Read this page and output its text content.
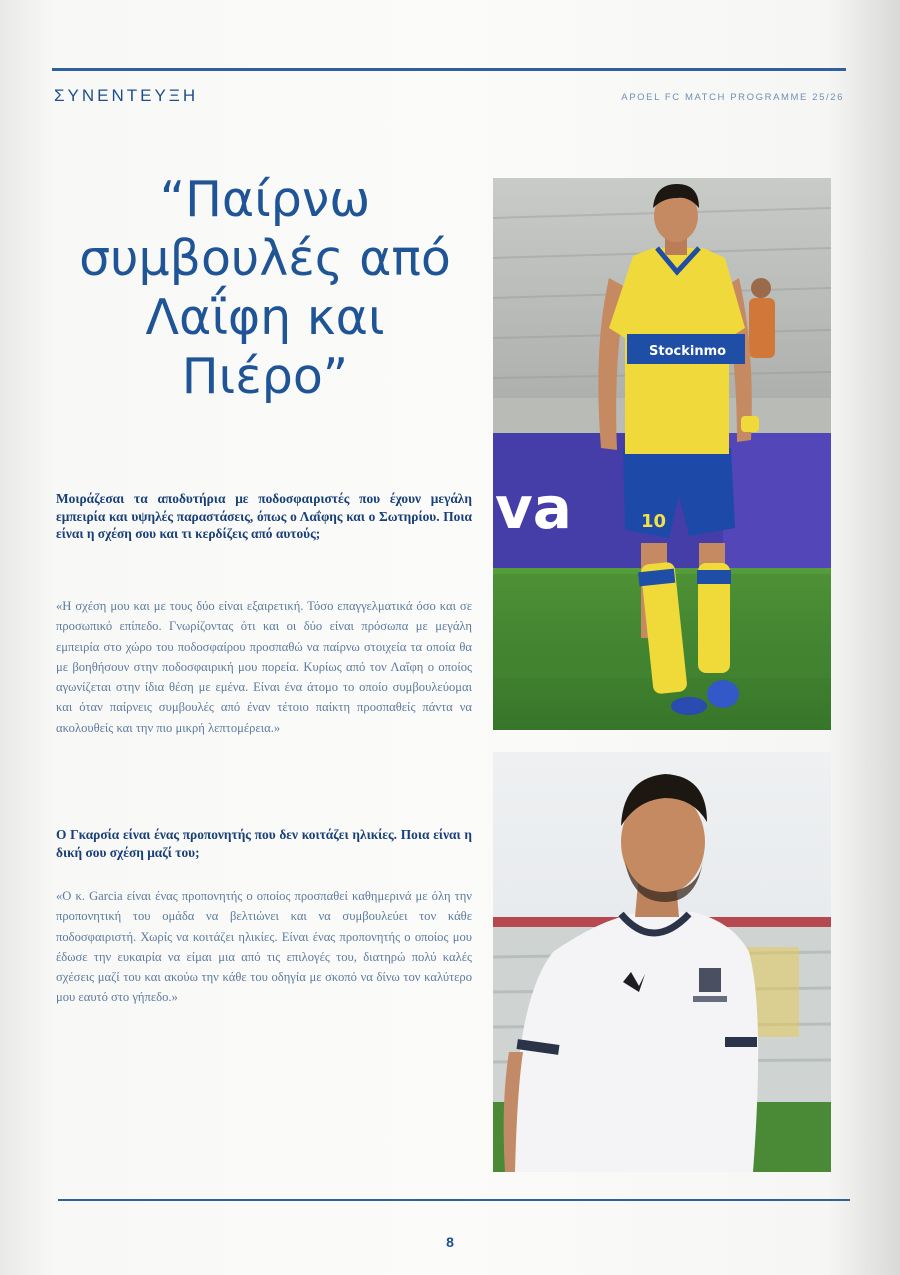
ΣΥΝΕΝΤΕΥΞΗ	APOEL FC MATCH PROGRAMME 25/26
“Παίρνω συμβουλές από Λαΐφη και Πιέρο”

Μοιράζεσαι τα αποδυτήρια με ποδοσφαιριστές που έχουν μεγάλη εμπειρία και υψηλές παραστάσεις, όπως ο Λαΐφης και ο Σωτηρίου. Ποια είναι η σχέση σου και τι κερδίζεις από αυτούς;

«Η σχέση μου και με τους δύο είναι εξαιρετική. Τόσο επαγγελματικά όσο και σε προσωπικό επίπεδο. Γνωρίζοντας ότι και οι δύο είναι πρόσωπα με μεγάλη εμπειρία στο χώρο του ποδοσφαίρου προσπαθώ να παίρνω στοιχεία τα οποία θα με βοηθήσουν στην ποδοσφαιρική μου πορεία. Κυρίως από τον Λαΐφη ο οποίος αγωνίζεται στην ίδια θέση με εμένα. Είναι ένα άτομο το οποίο συμβουλεύομαι και όταν παίρνεις συμβουλές από έναν τέτοιο παίκτη προσπαθείς πάντα να ακολουθείς και την πιο μικρή λεπτομέρεια.»

Ο Γκαρσία είναι ένας προπονητής που δεν κοιτάζει ηλικίες. Ποια είναι η δική σου σχέση μαζί του;

«Ο κ. Garcia είναι ένας προπονητής ο οποίος προσπαθεί καθημερινά με όλη την προπονητική του ομάδα να βελτιώνει και να συμβουλεύει τον κάθε ποδοσφαιριστή. Χωρίς να κοιτάζει ηλικίες. Είναι ένας προπονητής ο οποίος μου έδωσε την ευκαιρία να είμαι μια από τις επιλογές του, διατηρώ πολύ καλές σχέσεις μαζί του και ακούω την κάθε του οδηγία με σκοπό να δίνω τον καλύτερο μου εαυτό στο γήπεδο.»

va	10
Stockinmo
8
